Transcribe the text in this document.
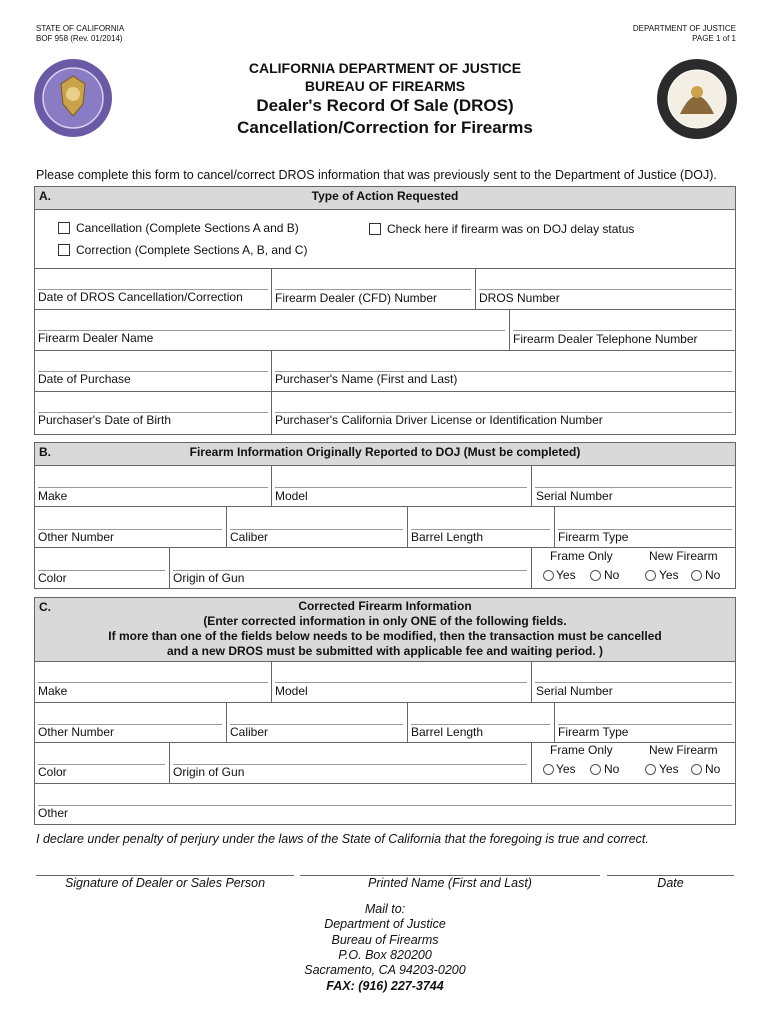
STATE OF CALIFORNIA
BOF 958 (Rev. 01/2014)
DEPARTMENT OF JUSTICE
PAGE 1 of 1
CALIFORNIA DEPARTMENT OF JUSTICE
BUREAU OF FIREARMS
Dealer's Record Of Sale (DROS)
Cancellation/Correction for Firearms
Please complete this form to cancel/correct DROS information that was previously sent to the Department of Justice (DOJ).
A.	Type of Action Requested
Cancellation (Complete Sections A and B)	Check here if firearm was on DOJ delay status
Correction (Complete Sections A, B, and C)
Date of DROS Cancellation/Correction	Firearm Dealer (CFD) Number	DROS Number
Firearm Dealer Name	Firearm Dealer Telephone Number
Date of Purchase	Purchaser's Name (First and Last)
Purchaser's Date of Birth	Purchaser's California Driver License or Identification Number
B.	Firearm Information Originally Reported to DOJ (Must be completed)
Make	Model	Serial Number
Other Number	Caliber	Barrel Length	Firearm Type
Color	Origin of Gun
Frame Only	New Firearm
Yes No	Yes No
C.	Corrected Firearm Information
(Enter corrected information in only ONE of the following fields.
If more than one of the fields below needs to be modified, then the transaction must be cancelled
and a new DROS must be submitted with applicable fee and waiting period. )
Make	Model	Serial Number
Other Number	Caliber	Barrel Length	Firearm Type
Color	Origin of Gun
Frame Only	New Firearm
Yes No	Yes No
Other
I declare under penalty of perjury under the laws of the State of California that the foregoing is true and correct.
Signature of Dealer or Sales Person	Printed Name (First and Last)	Date
Mail to:
Department of Justice
Bureau of Firearms
P.O. Box 820200
Sacramento, CA 94203-0200
FAX: (916) 227-3744
